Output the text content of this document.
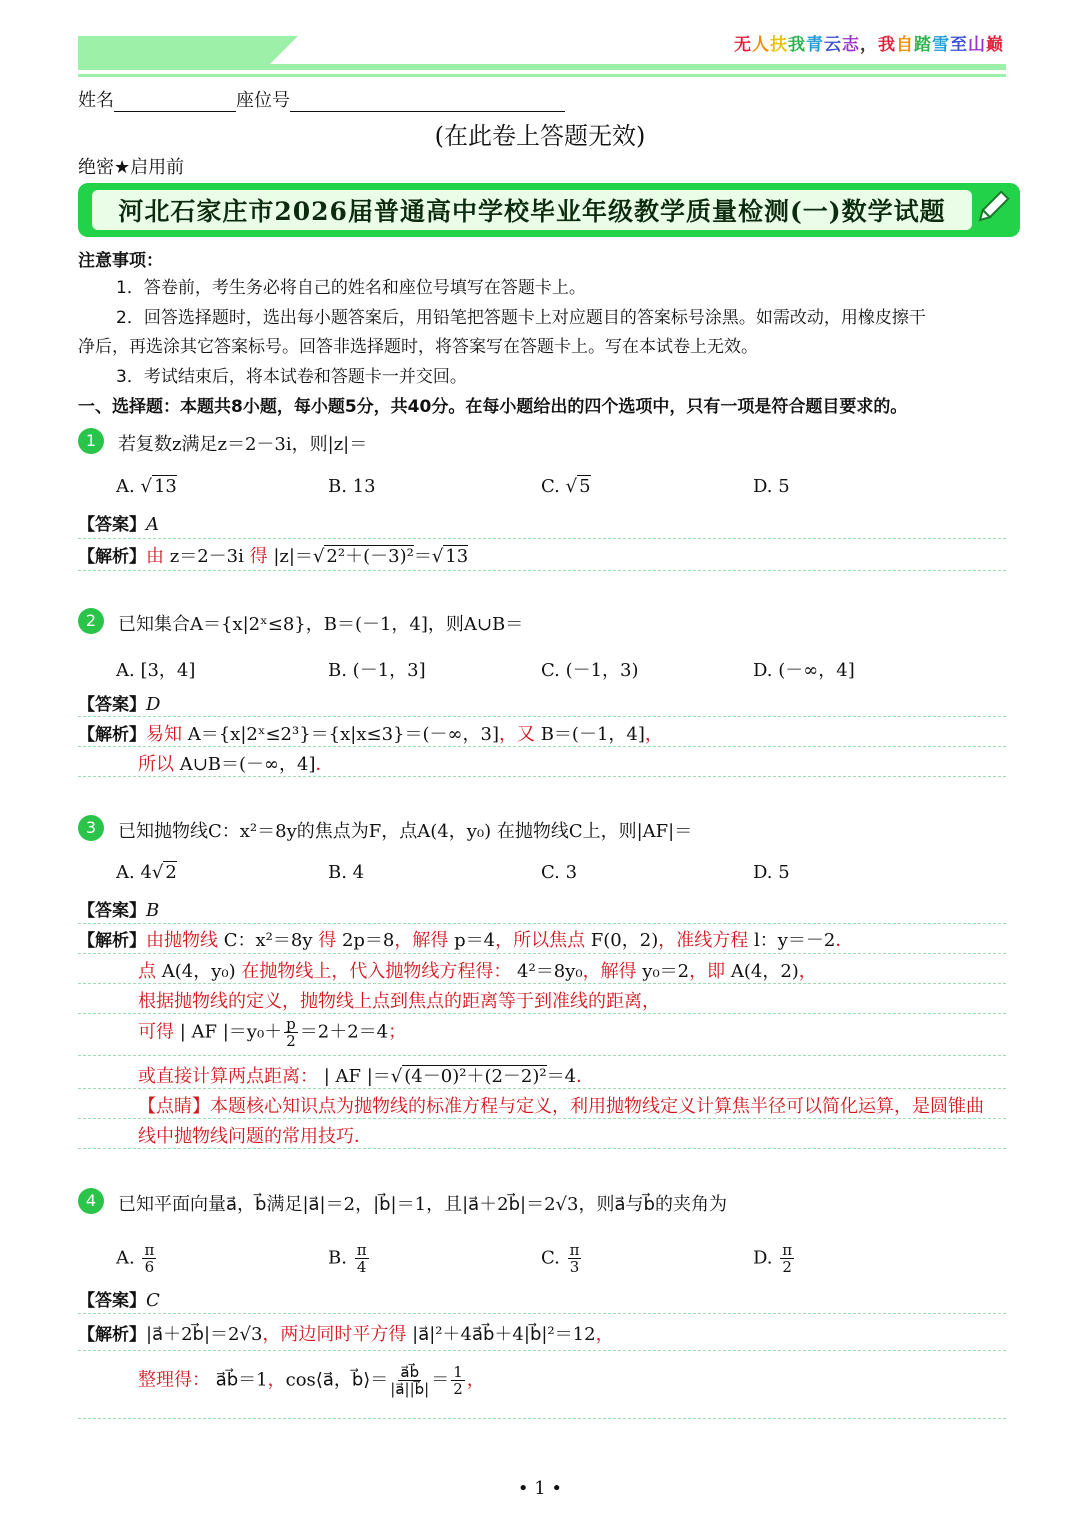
无人扶我青云志，我自踏雪至山巅
姓名	座位号
(在此卷上答题无效)
绝密★启用前
河北石家庄市2026届普通高中学校毕业年级教学质量检测(一)数学试题
注意事项：
1．答卷前，考生务必将自己的姓名和座位号填写在答题卡上。
2．回答选择题时，选出每小题答案后，用铅笔把答题卡上对应题目的答案标号涂黑。如需改动，用橡皮擦干
净后，再选涂其它答案标号。回答非选择题时，将答案写在答题卡上。写在本试卷上无效。
3．考试结束后，将本试卷和答题卡一并交回。
一、选择题：本题共8小题，每小题5分，共40分。在每小题给出的四个选项中，只有一项是符合题目要求的。
1	若复数z满足z＝2－3i，则|z|＝
A. √ 13	B. 13	C. √ 5	D. 5
【答案】A
【解析】由 z＝2－3i 得 |z|＝√ 2²＋(－3)²＝√ 13
2	已知集合A＝{x|2ˣ≤8}，B＝(－1，4]，则A∪B＝
A. [3，4]	B. (－1，3]	C. (－1，3)	D. (－∞，4]
【答案】D
【解析】易知 A＝{x|2ˣ≤2³}＝{x|x≤3}＝(－∞，3]，又 B＝(－1，4]，
所以 A∪B＝(－∞，4]．
3	已知抛物线C：x²＝8y的焦点为F，点A(4，y₀) 在抛物线C上，则|AF|＝
A. 4√ 2	B. 4	C. 3	D. 5
【答案】B
【解析】由抛物线 C：x²＝8y 得 2p＝8，解得 p＝4，所以焦点 F(0，2)，准线方程 l：y＝－2．
点 A(4，y₀) 在抛物线上，代入抛物线方程得： 4²＝8y₀，解得 y₀＝2，即 A(4，2)，
根据抛物线的定义，抛物线上点到焦点的距离等于到准线的距离，
可得 | AF $|=y_0+ \frac{p}{2} =2+2=4$；
或直接计算两点距离： | AF |＝√ (4－0)²＋(2－2)²＝4．
【点睛】本题核心知识点为抛物线的标准方程与定义，利用抛物线定义计算焦半径可以简化运算，是圆锥曲
线中抛物线问题的常用技巧．
4	已知平面向量a⃗，b⃗满足|a⃗|＝2，|b⃗|＝1，且|a⃗＋2b⃗|＝2√3，则a⃗与b⃗的夹角为
A. $\frac{\pi}{6}$	B. $\frac{\pi}{4}$	C. $\frac{\pi}{3}$	D. $\frac{\pi}{2}$
【答案】C
【解析】|a⃗＋2b⃗|＝2√3，两边同时平方得 |a⃗|²＋4a⃗b⃗＋4|b⃗|²＝12，
整理得： a⃗b⃗＝1，cos⟨a⃗，b⃗⟩＝ $\frac{a⃗b⃗}{|a⃗||b⃗|} = \frac{1}{2}$ ，
• 1 •
